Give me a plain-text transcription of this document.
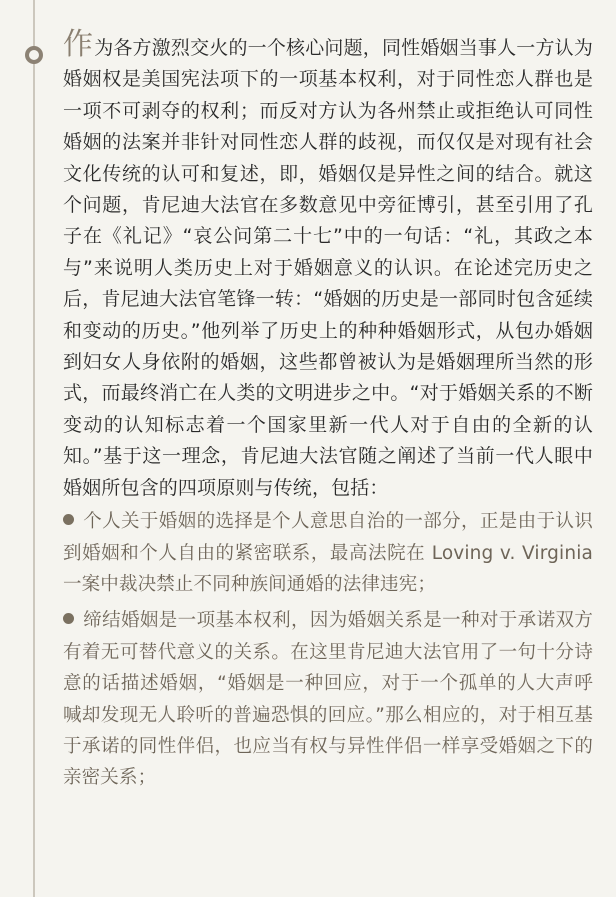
作为各方激烈交火的一个核心问题，同性婚姻当事人一方认为婚姻权是美国宪法项下的一项基本权利，对于同性恋人群也是一项不可剥夺的权利；而反对方认为各州禁止或拒绝认可同性婚姻的法案并非针对同性恋人群的歧视，而仅仅是对现有社会文化传统的认可和复述，即，婚姻仅是异性之间的结合。就这个问题，肯尼迪大法官在多数意见中旁征博引，甚至引用了孔子在《礼记》“哀公问第二十七”中的一句话：“礼，其政之本与”来说明人类历史上对于婚姻意义的认识。在论述完历史之后，肯尼迪大法官笔锋一转：“婚姻的历史是一部同时包含延续和变动的历史。”他列举了历史上的种种婚姻形式，从包办婚姻到妇女人身依附的婚姻，这些都曾被认为是婚姻理所当然的形式，而最终消亡在人类的文明进步之中。“对于婚姻关系的不断变动的认知标志着一个国家里新一代人对于自由的全新的认知。”基于这一理念，肯尼迪大法官随之阐述了当前一代人眼中婚姻所包含的四项原则与传统，包括：

个人关于婚姻的选择是个人意思自治的一部分，正是由于认识到婚姻和个人自由的紧密联系，最高法院在 Loving v. Virginia 一案中裁决禁止不同种族间通婚的法律违宪；
缔结婚姻是一项基本权利，因为婚姻关系是一种对于承诺双方有着无可替代意义的关系。在这里肯尼迪大法官用了一句十分诗意的话描述婚姻，“婚姻是一种回应，对于一个孤单的人大声呼喊却发现无人聆听的普遍恐惧的回应。”那么相应的，对于相互基于承诺的同性伴侣，也应当有权与异性伴侣一样享受婚姻之下的亲密关系；
